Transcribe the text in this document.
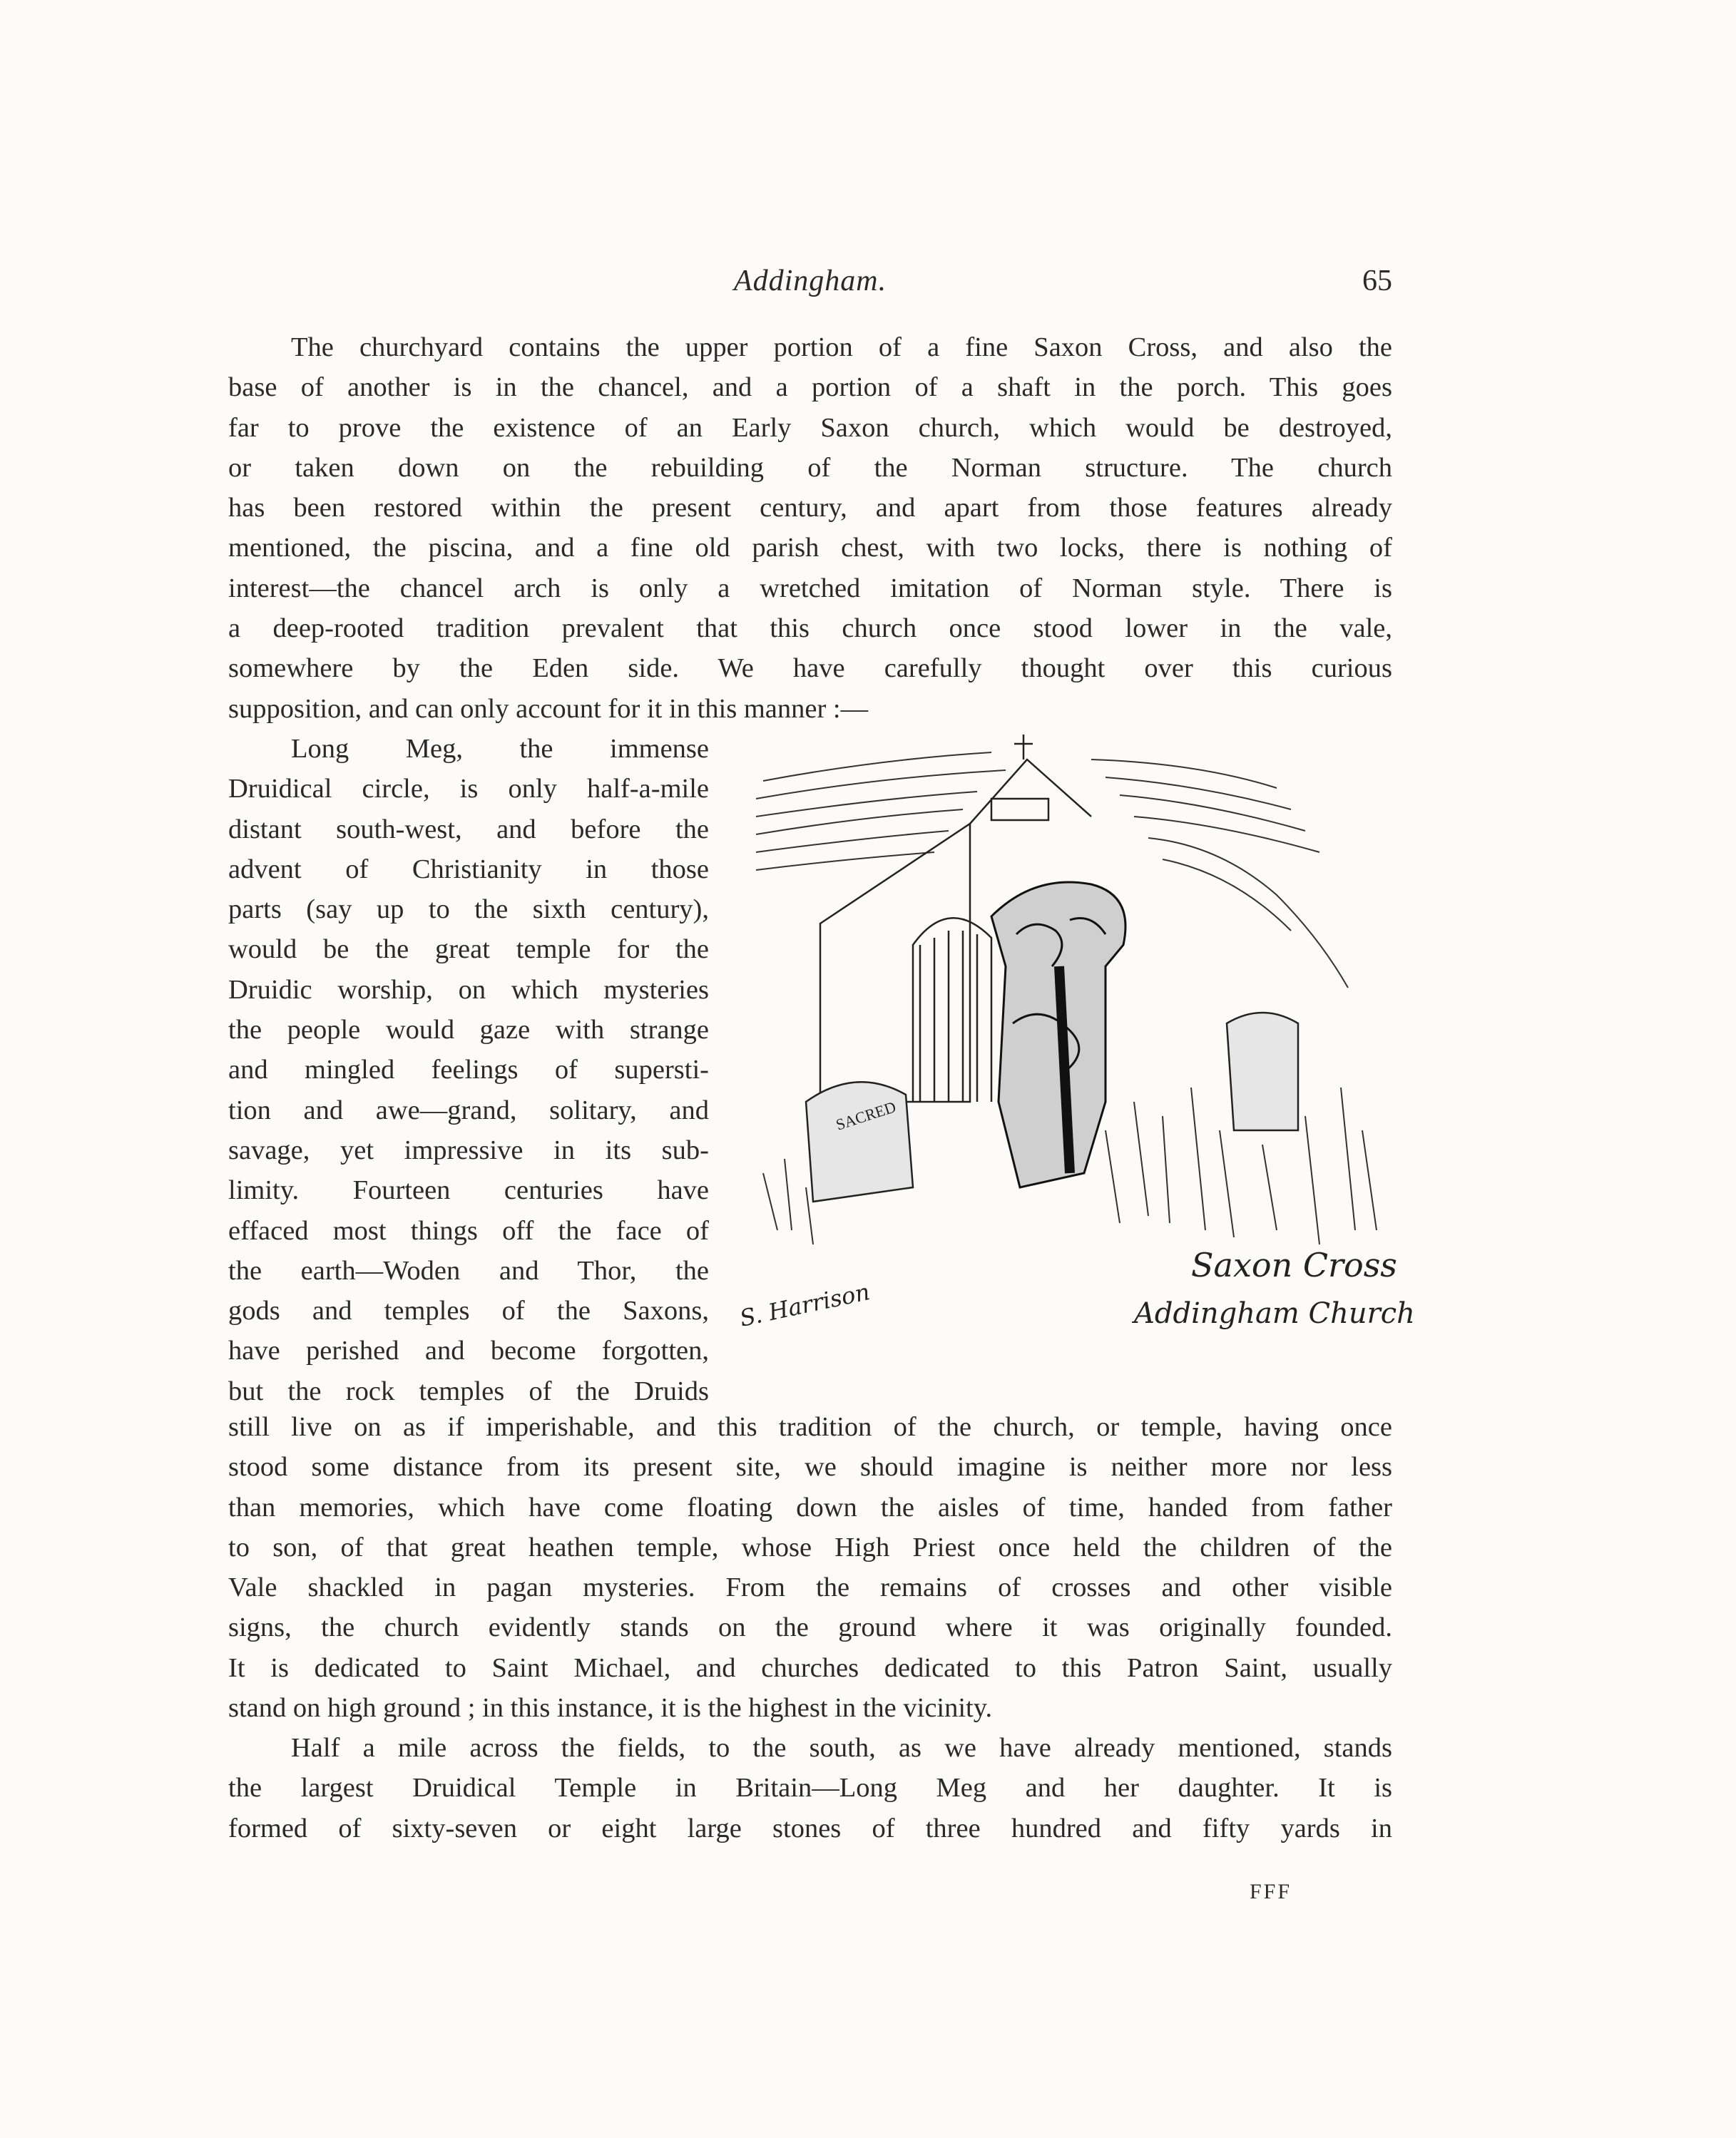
Addingham.	65
The churchyard contains the upper portion of a fine Saxon Cross, and also the
base of another is in the chancel, and a portion of a shaft in the porch. This goes
far to prove the existence of an Early Saxon church, which would be destroyed,
or taken down on the rebuilding of the Norman structure. The church
has been restored within the present century, and apart from those features already
mentioned, the piscina, and a fine old parish chest, with two locks, there is nothing of
interest—the chancel arch is only a wretched imitation of Norman style. There is
a deep-rooted tradition prevalent that this church once stood lower in the vale,
somewhere by the Eden side. We have carefully thought over this curious
supposition, and can only account for it in this manner :—
Long Meg, the immense
Druidical circle, is only half-a-mile
distant south-west, and before the
advent of Christianity in those
parts (say up to the sixth century),
would be the great temple for the
Druidic worship, on which mysteries
the people would gaze with strange
and mingled feelings of supersti-
tion and awe—grand, solitary, and
savage, yet impressive in its sub-
limity. Fourteen centuries have
effaced most things off the face of
the earth—Woden and Thor, the
gods and temples of the Saxons,
have perished and become forgotten,
but the rock temples of the Druids
still live on as if imperishable, and this tradition of the church, or temple, having once
stood some distance from its present site, we should imagine is neither more nor less
than memories, which have come floating down the aisles of time, handed from father
to son, of that great heathen temple, whose High Priest once held the children of the
Vale shackled in pagan mysteries. From the remains of crosses and other visible
signs, the church evidently stands on the ground where it was originally founded.
It is dedicated to Saint Michael, and churches dedicated to this Patron Saint, usually
stand on high ground ; in this instance, it is the highest in the vicinity.
Half a mile across the fields, to the south, as we have already mentioned, stands
the largest Druidical Temple in Britain—Long Meg and her daughter. It is
formed of sixty-seven or eight large stones of three hundred and fifty yards in
FFF
SACRED
Saxon Cross
Addingham Church
S. Harrison
